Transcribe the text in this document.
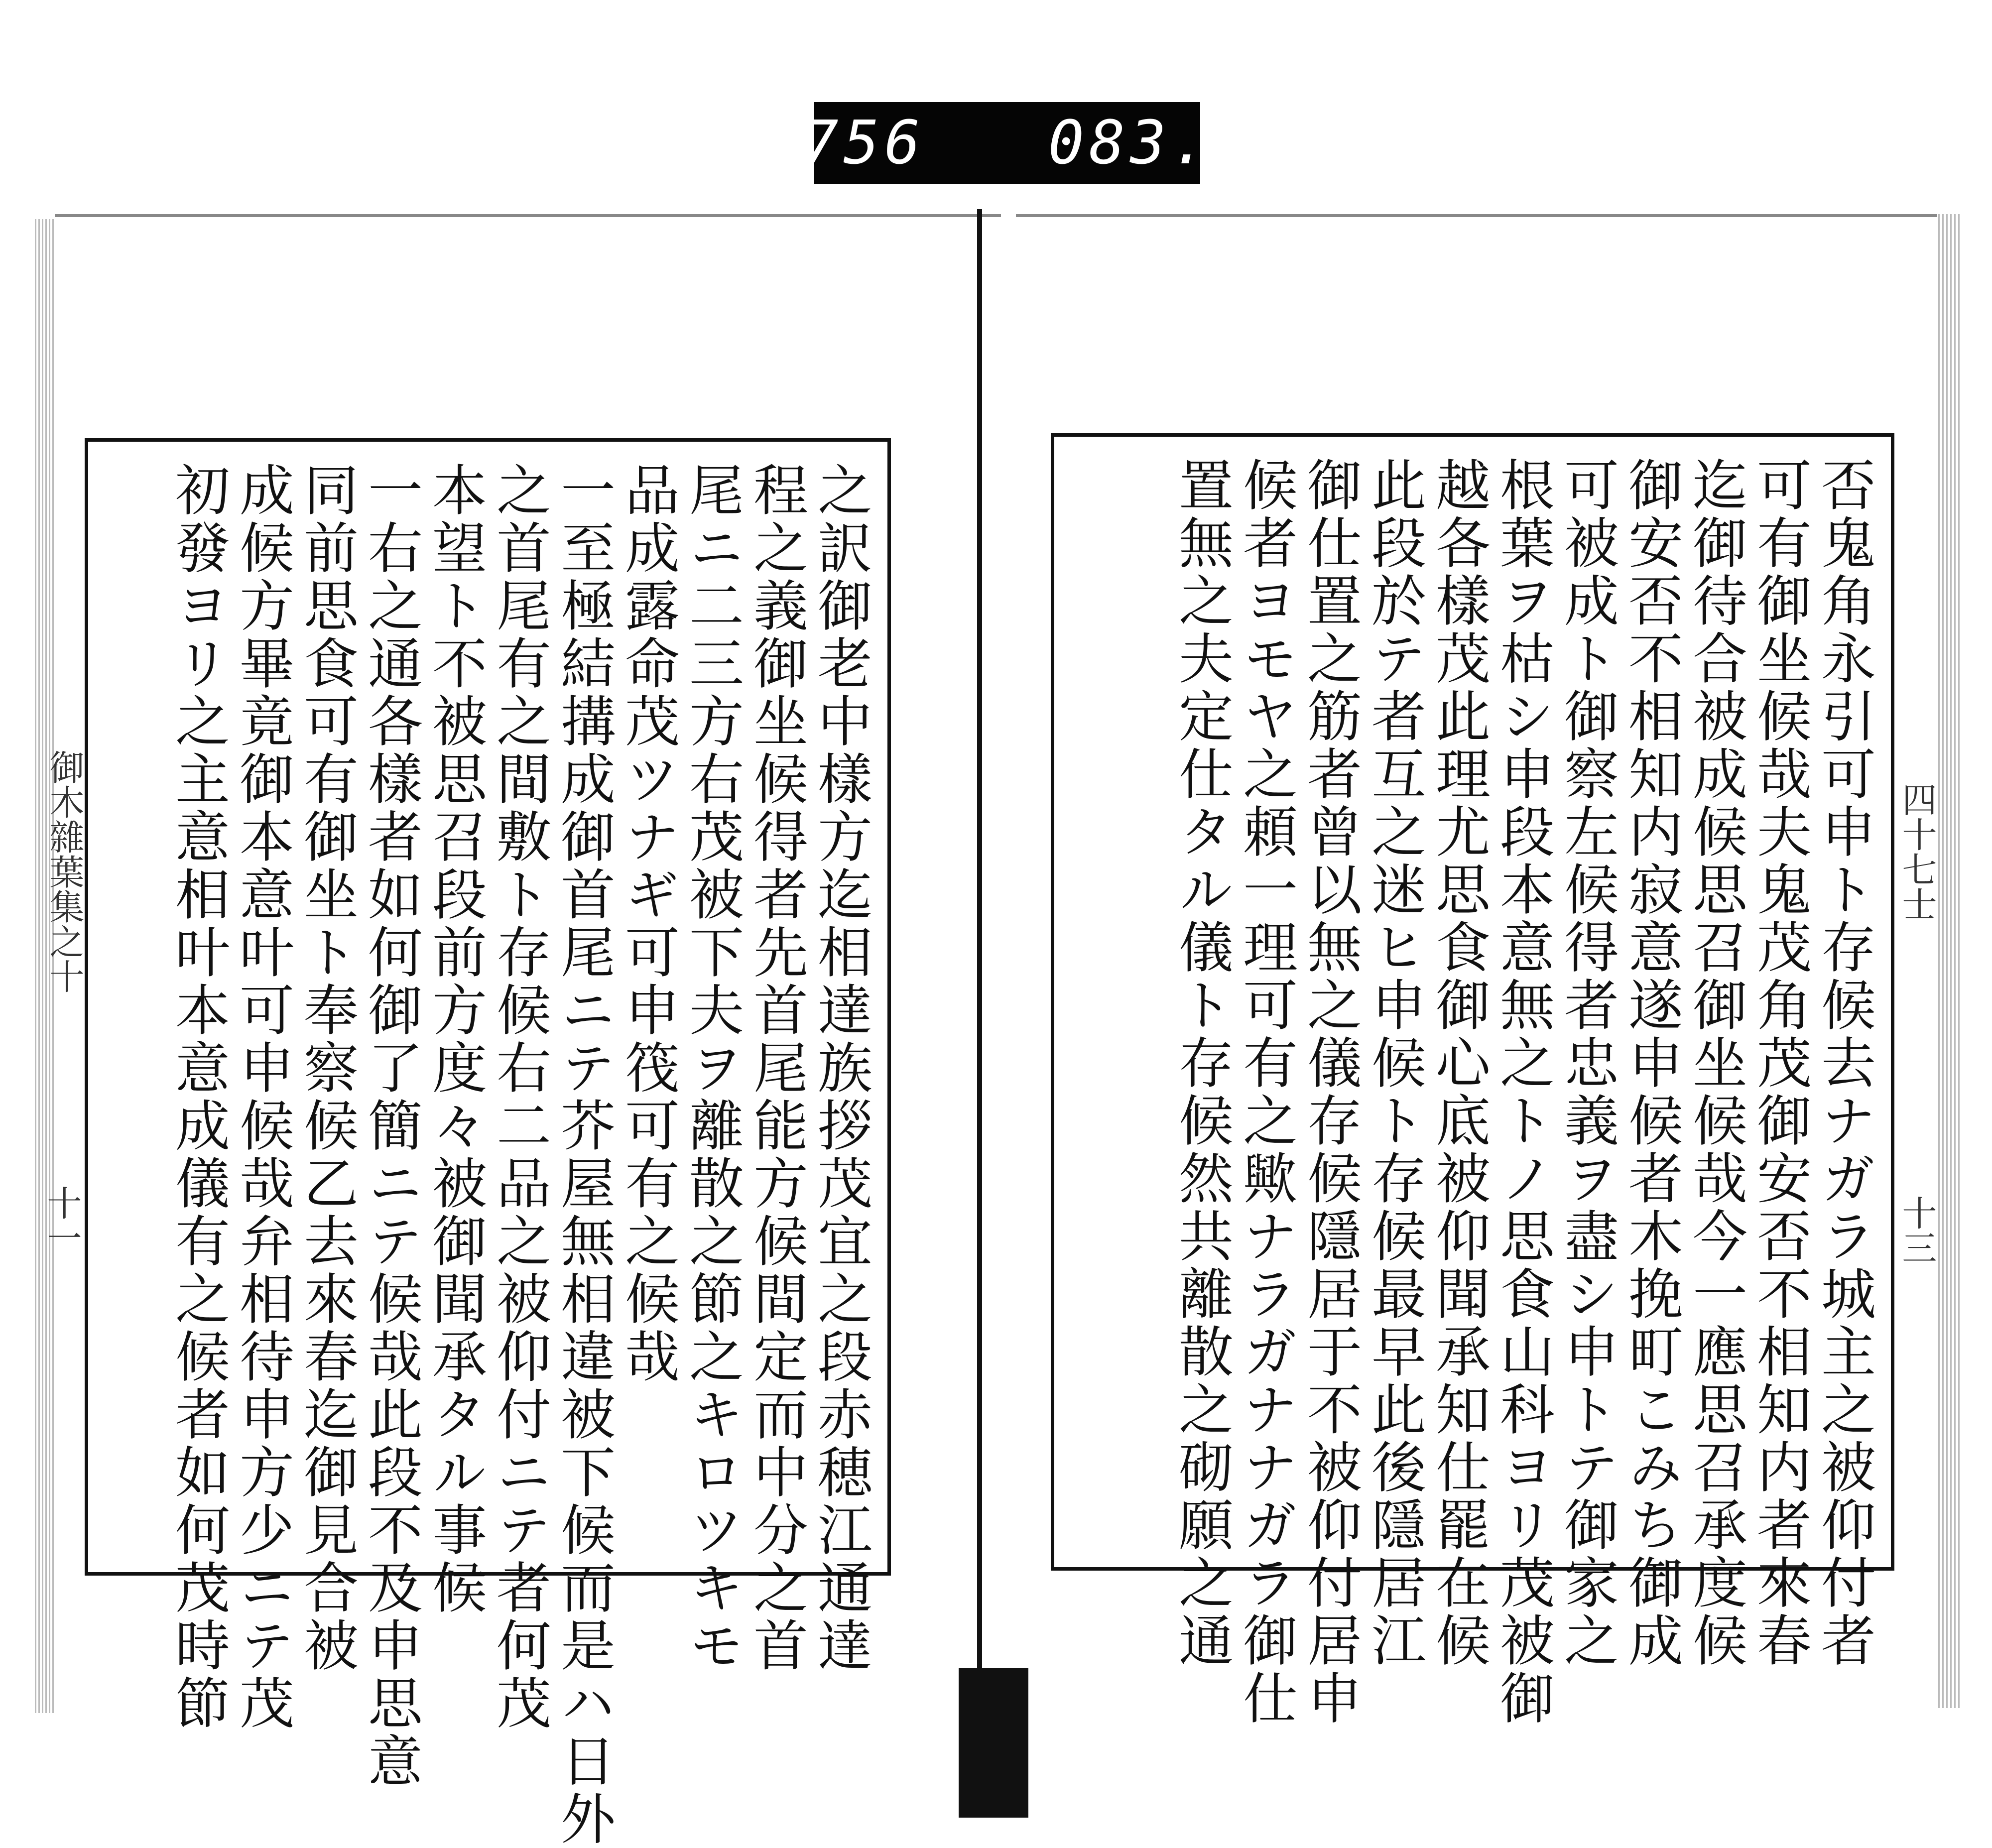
756   083.
御木雜葉集之十
十一
四十七士
十三
之訳御老中樣方迄相達族拶茂宜之段赤穂江通達
程之義御坐候得者先首尾能方候間定而中分之首
尾ニ二三方右茂被下夫ヲ離散之節之キロツキモ
品成露命茂ツナギ可申筏可有之候哉
一至極結搆成御首尾ニテ芥屋無相違被下候而是ハ日外
之首尾有之間敷ト存候右二品之被仰付ニテ者何茂
本望ト不被思召段前方度々被御聞承タル事候
一右之通各樣者如何御了簡ニテ候哉此段不及申思意
同前思食可有御坐ト奉察候乙去來春迄御見合被
成候方畢竟御本意叶可申候哉弁相待申方少ニテ茂
初發ヨリ之主意相叶本意成儀有之候者如何茂時節	否鬼角永引可申ト存候去ナガラ城主之被仰付者
可有御坐候哉夫鬼茂角茂御安否不相知内者來春
迄御待合被成候思召御坐候哉今一應思召承度候
御安否不相知内寂意遂申候者木挽町こみち御成
可被成ト御察左候得者忠義ヲ盡シ申トテ御家之
根葉ヲ枯シ申段本意無之トノ思食山科ヨリ茂被御
越各樣茂此理尤思食御心底被仰聞承知仕罷在候
此段於テ者互之迷ヒ申候ト存候最早此後隱居江
御仕置之筋者曾以無之儀存候隱居于不被仰付居申
候者ヨモヤ之頼一理可有之歟ナラガナナガラ御仕
置無之夫定仕タル儀ト存候然共離散之砌願之通
